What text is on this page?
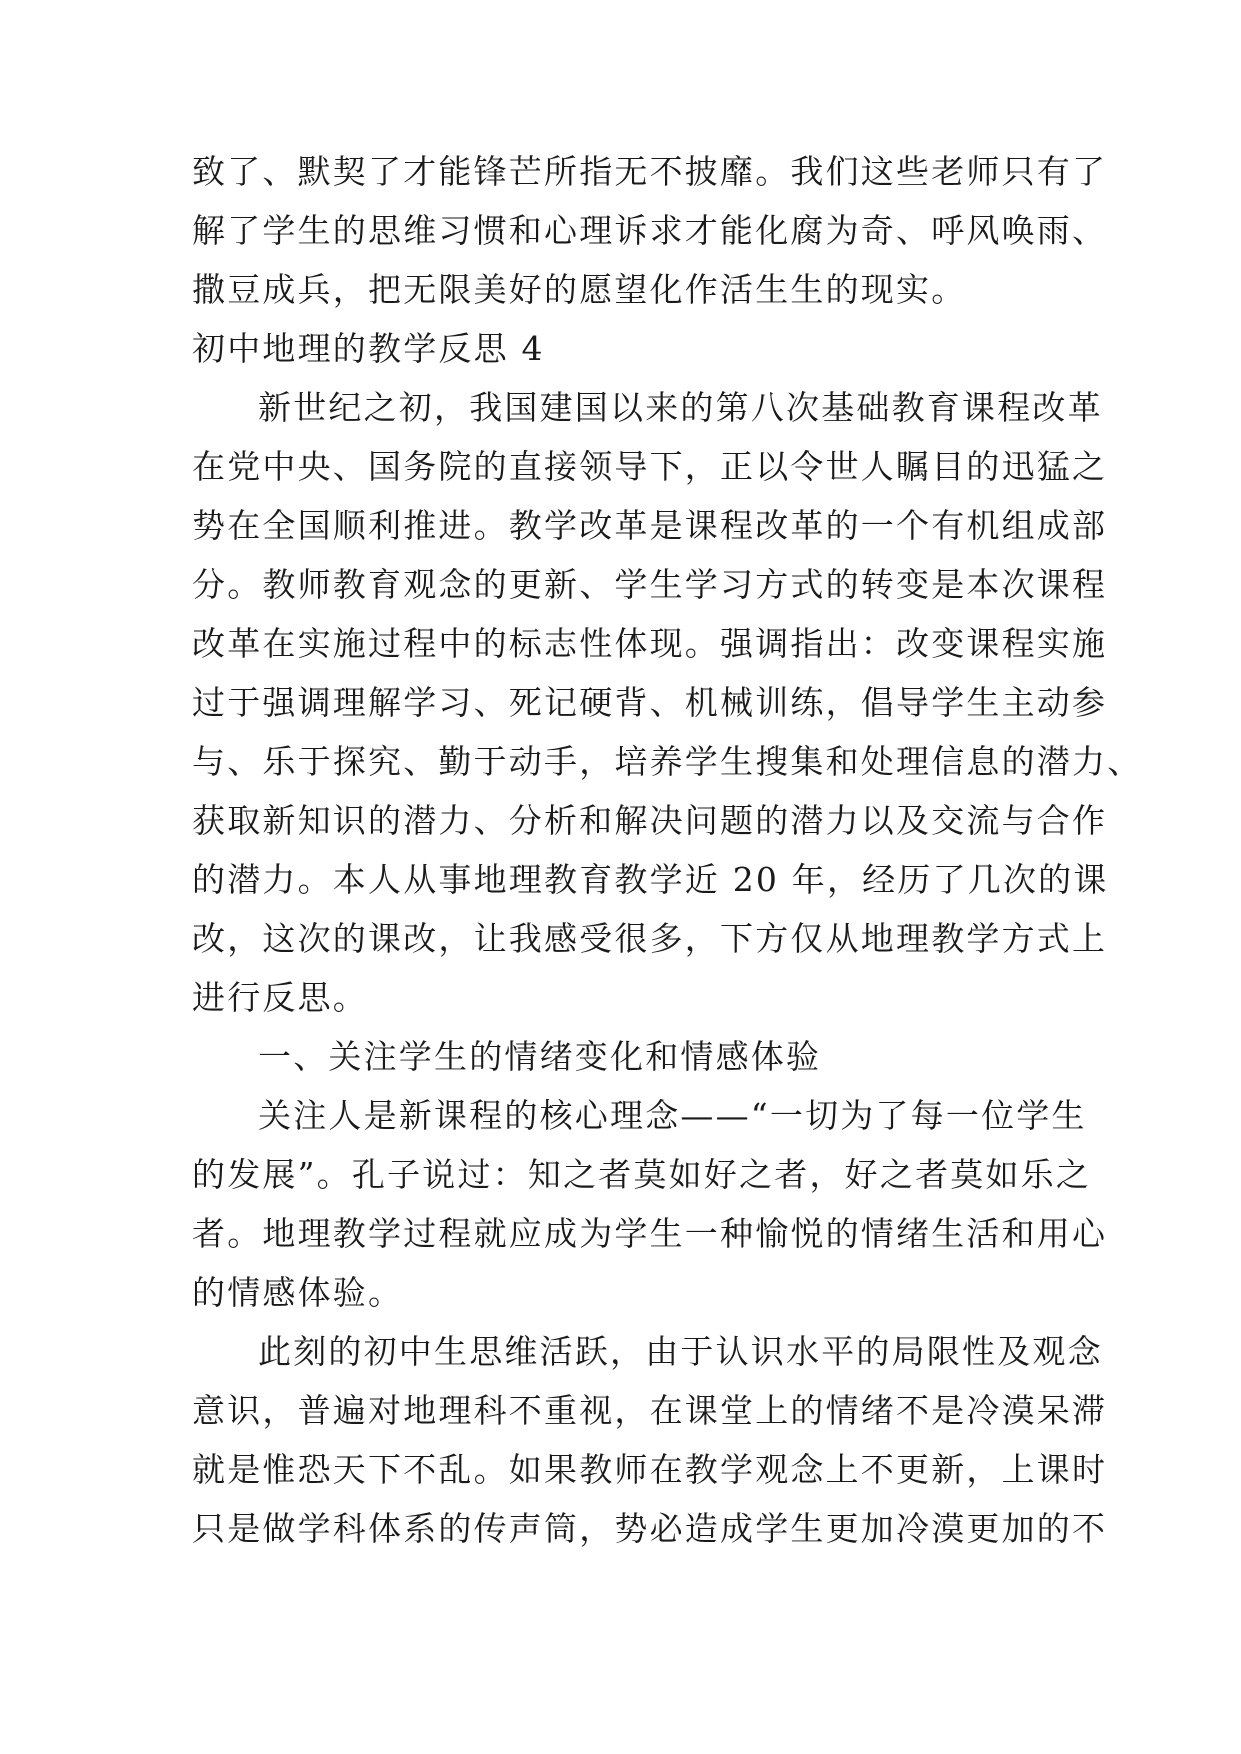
致了、默契了才能锋芒所指无不披靡。我们这些老师只有了
解了学生的思维习惯和心理诉求才能化腐为奇、呼风唤雨、
撒豆成兵，把无限美好的愿望化作活生生的现实。
初中地理的教学反思 4
新世纪之初，我国建国以来的第八次基础教育课程改革
在党中央、国务院的直接领导下，正以令世人瞩目的迅猛之
势在全国顺利推进。教学改革是课程改革的一个有机组成部
分。教师教育观念的更新、学生学习方式的转变是本次课程
改革在实施过程中的标志性体现。强调指出：改变课程实施
过于强调理解学习、死记硬背、机械训练，倡导学生主动参
与、乐于探究、勤于动手，培养学生搜集和处理信息的潜力、
获取新知识的潜力、分析和解决问题的潜力以及交流与合作
的潜力。本人从事地理教育教学近 20 年，经历了几次的课
改，这次的课改，让我感受很多，下方仅从地理教学方式上
进行反思。
一、关注学生的情绪变化和情感体验
关注人是新课程的核心理念——“一切为了每一位学生
的发展”。孔子说过：知之者莫如好之者，好之者莫如乐之
者。地理教学过程就应成为学生一种愉悦的情绪生活和用心
的情感体验。
此刻的初中生思维活跃，由于认识水平的局限性及观念
意识，普遍对地理科不重视，在课堂上的情绪不是冷漠呆滞
就是惟恐天下不乱。如果教师在教学观念上不更新，上课时
只是做学科体系的传声筒，势必造成学生更加冷漠更加的不
